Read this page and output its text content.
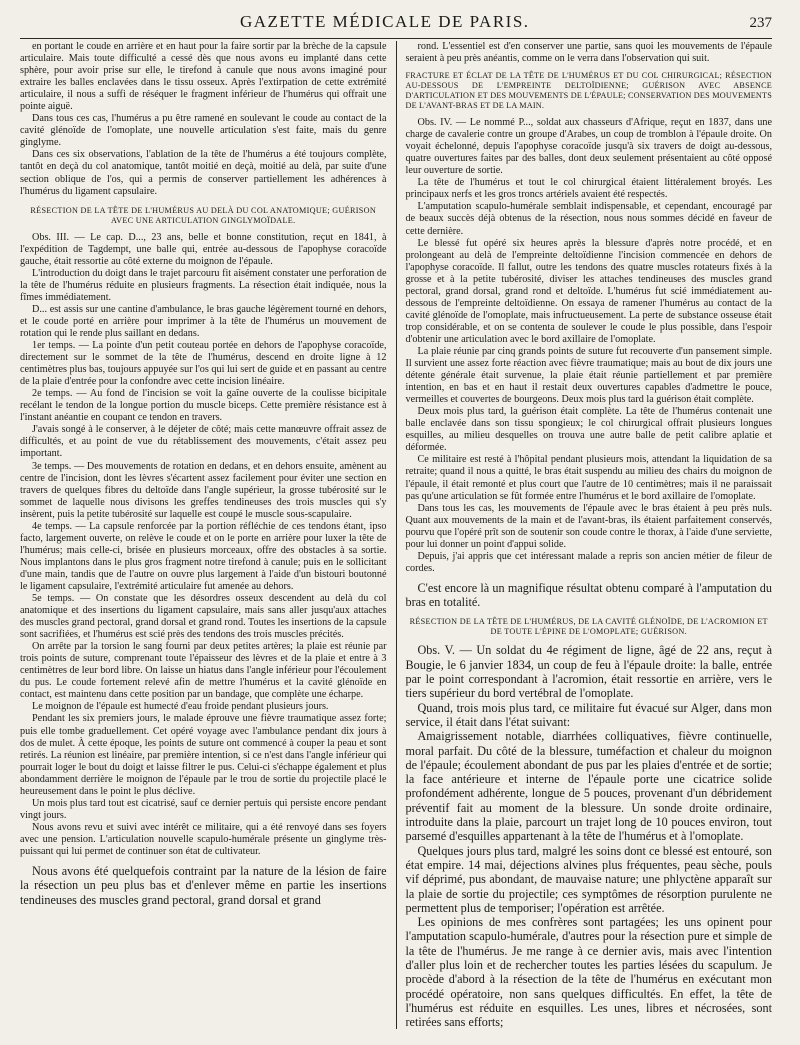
GAZETTE MÉDICALE DE PARIS.	237

en portant le coude en arrière et en haut pour la faire sortir par la brèche de la capsule articulaire. Mais toute difficulté a cessé dès que nous avons eu implanté dans cette sphère, pour avoir prise sur elle, le tirefond à canule que nous avons imaginé pour extraire les balles enclavées dans le tissu osseux. Après l'extirpation de cette extrémité articulaire, il nous a suffi de réséquer le fragment inférieur de l'humérus qui offrait une pointe aiguë.

Dans tous ces cas, l'humérus a pu être ramené en soulevant le coude au contact de la cavité glénoïde de l'omoplate, une nouvelle articulation s'est faite, mais du genre ginglyme.

Dans ces six observations, l'ablation de la tête de l'humérus a été toujours complète, tantôt en deçà du col anatomique, tantôt moitié en deçà, moitié au delà, par suite d'une section oblique de l'os, qui a permis de conserver partiellement les adhérences à l'humérus du ligament capsulaire.

RÉSECTION DE LA TÊTE DE L'HUMÉRUS AU DELÀ DU COL ANATOMIQUE; GUÉRISON AVEC UNE ARTICULATION GINGLYMOÏDALE.

Obs. III. — Le cap. D..., 23 ans, belle et bonne constitution, reçut en 1841, à l'expédition de Tagdempt, une balle qui, entrée au-dessous de l'apophyse coracoïde gauche, était ressortie au côté externe du moignon de l'épaule.

L'introduction du doigt dans le trajet parcouru fit aisément constater une perforation de la tête de l'humérus réduite en plusieurs fragments. La résection était indiquée, nous la fîmes immédiatement.

D... est assis sur une cantine d'ambulance, le bras gauche légèrement tourné en dehors, et le coude porté en arrière pour imprimer à la tête de l'humérus un mouvement de rotation qui le rende plus saillant en dedans.

1er temps. — La pointe d'un petit couteau portée en dehors de l'apophyse coracoïde, directement sur le sommet de la tête de l'humérus, descend en droite ligne à 12 centimètres plus bas, toujours appuyée sur l'os qui lui sert de guide et en passant au centre de la plaie d'entrée pour la confondre avec cette incision linéaire.

2e temps. — Au fond de l'incision se voit la gaîne ouverte de la coulisse bicipitale recélant le tendon de la longue portion du muscle biceps. Cette première résistance est à l'instant anéantie en coupant ce tendon en travers.

J'avais songé à le conserver, à le déjeter de côté; mais cette manœuvre offrait assez de difficultés, et au point de vue du rétablissement des mouvements, c'était assez peu important.

3e temps. — Des mouvements de rotation en dedans, et en dehors ensuite, amènent au centre de l'incision, dont les lèvres s'écartent assez facilement pour éviter une section en travers de quelques fibres du deltoïde dans l'angle supérieur, la grosse tubérosité sur le sommet de laquelle nous divisons les greffes tendineuses des trois muscles qui s'y insèrent, puis la petite tubérosité sur laquelle est coupé le muscle sous-scapulaire.

4e temps. — La capsule renforcée par la portion réfléchie de ces tendons étant, ipso facto, largement ouverte, on relève le coude et on le porte en arrière pour luxer la tête de l'humérus; mais celle-ci, brisée en plusieurs morceaux, offre des obstacles à sa sortie. Nous implantons dans le plus gros fragment notre tirefond à canule; puis en le sollicitant d'une main, tandis que de l'autre on ouvre plus largement à l'aide d'un bistouri boutonné le ligament capsulaire, l'extrémité articulaire fut amenée au dehors.

5e temps. — On constate que les désordres osseux descendent au delà du col anatomique et des insertions du ligament capsulaire, mais sans aller jusqu'aux attaches des muscles grand pectoral, grand dorsal et grand rond. Toutes les insertions de la capsule sont sacrifiées, et l'humérus est scié près des tendons des trois muscles précités.

On arrête par la torsion le sang fourni par deux petites artères; la plaie est réunie par trois points de suture, comprenant toute l'épaisseur des lèvres et de la plaie et entre à 3 centimètres de leur bord libre. On laisse un hiatus dans l'angle inférieur pour l'écoulement du pus. Le coude fortement relevé afin de mettre l'humérus et la cavité glénoïde en contact, est maintenu dans cette position par un bandage, que complète une écharpe.

Le moignon de l'épaule est humecté d'eau froide pendant plusieurs jours.

Pendant les six premiers jours, le malade éprouve une fièvre traumatique assez forte; puis elle tombe graduellement. Cet opéré voyage avec l'ambulance pendant dix jours à dos de mulet. À cette époque, les points de suture ont commencé à couper la peau et sont retirés. La réunion est linéaire, par première intention, si ce n'est dans l'angle inférieur qui pourrait loger le bout du doigt et laisse filtrer le pus. Celui-ci s'échappe également et plus abondamment derrière le moignon de l'épaule par le trou de sortie du projectile placé le heureusement dans le point le plus déclive.

Un mois plus tard tout est cicatrisé, sauf ce dernier pertuis qui persiste encore pendant vingt jours.

Nous avons revu et suivi avec intérêt ce militaire, qui a été renvoyé dans ses foyers avec une pension. L'articulation nouvelle scapulo-humérale présente un ginglyme très-puissant qui lui permet de continuer son état de cultivateur.

Nous avons été quelquefois contraint par la nature de la lésion de faire la résection un peu plus bas et d'enlever même en partie les insertions tendineuses des muscles grand pectoral, grand dorsal et grand

rond. L'essentiel est d'en conserver une partie, sans quoi les mouvements de l'épaule seraient à peu près anéantis, comme on le verra dans l'observation qui suit.

FRACTURE ET ÉCLAT DE LA TÊTE DE L'HUMÉRUS ET DU COL CHIRURGICAL; RÉSECTION AU-DESSOUS DE L'EMPREINTE DELTOÏDIENNE; GUÉRISON AVEC ABSENCE D'ARTICULATION ET DES MOUVEMENTS DE L'ÉPAULE; CONSERVATION DES MOUVEMENTS DE L'AVANT-BRAS ET DE LA MAIN.

Obs. IV. — Le nommé P..., soldat aux chasseurs d'Afrique, reçut en 1837, dans une charge de cavalerie contre un groupe d'Arabes, un coup de tromblon à l'épaule droite. On voyait échelonné, depuis l'apophyse coracoïde jusqu'à six travers de doigt au-dessous, quatre ouvertures faites par des balles, dont deux seulement présentaient au côté opposé leur ouverture de sortie.

La tête de l'humérus et tout le col chirurgical étaient littéralement broyés. Les principaux nerfs et les gros troncs artériels avaient été respectés.

L'amputation scapulo-humérale semblait indispensable, et cependant, encouragé par de beaux succès déjà obtenus de la résection, nous nous sommes décidé en faveur de cette dernière.

Le blessé fut opéré six heures après la blessure d'après notre procédé, et en prolongeant au delà de l'empreinte deltoïdienne l'incision commencée en dehors de l'apophyse coracoïde. Il fallut, outre les tendons des quatre muscles rotateurs fixés à la grosse et à la petite tubérosité, diviser les attaches tendineuses des muscles grand pectoral, grand dorsal, grand rond et deltoïde. L'humérus fut scié immédiatement au-dessous de l'empreinte deltoïdienne. On essaya de ramener l'humérus au contact de la cavité glénoïde de l'omoplate, mais infructueusement. La perte de substance osseuse était trop considérable, et on se contenta de soulever le coude le plus possible, dans l'espoir d'obtenir une articulation avec le bord axillaire de l'omoplate.

La plaie réunie par cinq grands points de suture fut recouverte d'un pansement simple. Il survient une assez forte réaction avec fièvre traumatique; mais au bout de dix jours une détente générale était survenue, la plaie était réunie partiellement et par première intention, en bas et en haut il restait deux ouvertures capables d'admettre le pouce, vermeilles et couvertes de bourgeons. Deux mois plus tard la guérison était complète.

Deux mois plus tard, la guérison était complète. La tête de l'humérus contenait une balle enclavée dans son tissu spongieux; le col chirurgical offrait plusieurs longues esquilles, au milieu desquelles on trouva une autre balle de petit calibre aplatie et déformée.

Ce militaire est resté à l'hôpital pendant plusieurs mois, attendant la liquidation de sa retraite; quand il nous a quitté, le bras était suspendu au milieu des chairs du moignon de l'épaule, il était remonté et plus court que l'autre de 10 centimètres; mais il ne paraissait pas qu'une articulation se fût formée entre l'humérus et le bord axillaire de l'omoplate.

Dans tous les cas, les mouvements de l'épaule avec le bras étaient à peu près nuls. Quant aux mouvements de la main et de l'avant-bras, ils étaient parfaitement conservés, pourvu que l'opéré prît son de soutenir son coude contre le thorax, à l'aide d'une serviette, pour lui donner un point d'appui solide.

Depuis, j'ai appris que cet intéressant malade a repris son ancien métier de fileur de cordes.

C'est encore là un magnifique résultat obtenu comparé à l'amputation du bras en totalité.

RÉSECTION DE LA TÊTE DE L'HUMÉRUS, DE LA CAVITÉ GLÉNOÏDE, DE L'ACROMION ET DE TOUTE L'ÉPINE DE L'OMOPLATE; GUÉRISON.

Obs. V. — Un soldat du 4e régiment de ligne, âgé de 22 ans, reçut à Bougie, le 6 janvier 1834, un coup de feu à l'épaule droite: la balle, entrée par le point correspondant à l'acromion, était ressortie en arrière, vers le tiers supérieur du bord vertébral de l'omoplate.

Quand, trois mois plus tard, ce militaire fut évacué sur Alger, dans mon service, il était dans l'état suivant:

Amaigrissement notable, diarrhées colliquatives, fièvre continuelle, moral parfait. Du côté de la blessure, tuméfaction et chaleur du moignon de l'épaule; écoulement abondant de pus par les plaies d'entrée et de sortie; la face antérieure et interne de l'épaule porte une cicatrice solide profondément adhérente, longue de 5 pouces, provenant d'un débridement préventif fait au moment de la blessure. Un sonde droite ordinaire, introduite dans la plaie, parcourt un trajet long de 10 pouces environ, tout parsemé d'esquilles appartenant à la tête de l'humérus et à l'omoplate.

Quelques jours plus tard, malgré les soins dont ce blessé est entouré, son état empire. 14 mai, déjections alvines plus fréquentes, peau sèche, pouls vif déprimé, pus abondant, de mauvaise nature; une phlyctène apparaît sur la plaie de sortie du projectile; ces symptômes de résorption purulente ne permettent plus de temporiser; l'opération est arrêtée.

Les opinions de mes confrères sont partagées; les uns opinent pour l'amputation scapulo-humérale, d'autres pour la résection pure et simple de la tête de l'humérus. Je me range à ce dernier avis, mais avec l'intention d'aller plus loin et de rechercher toutes les parties lésées du scapulum. Je procède d'abord à la résection de la tête de l'humérus en exécutant mon procédé opératoire, non sans quelques difficultés. En effet, la tête de l'humérus est réduite en esquilles. Les unes, libres et nécrosées, sont retirées sans efforts;
